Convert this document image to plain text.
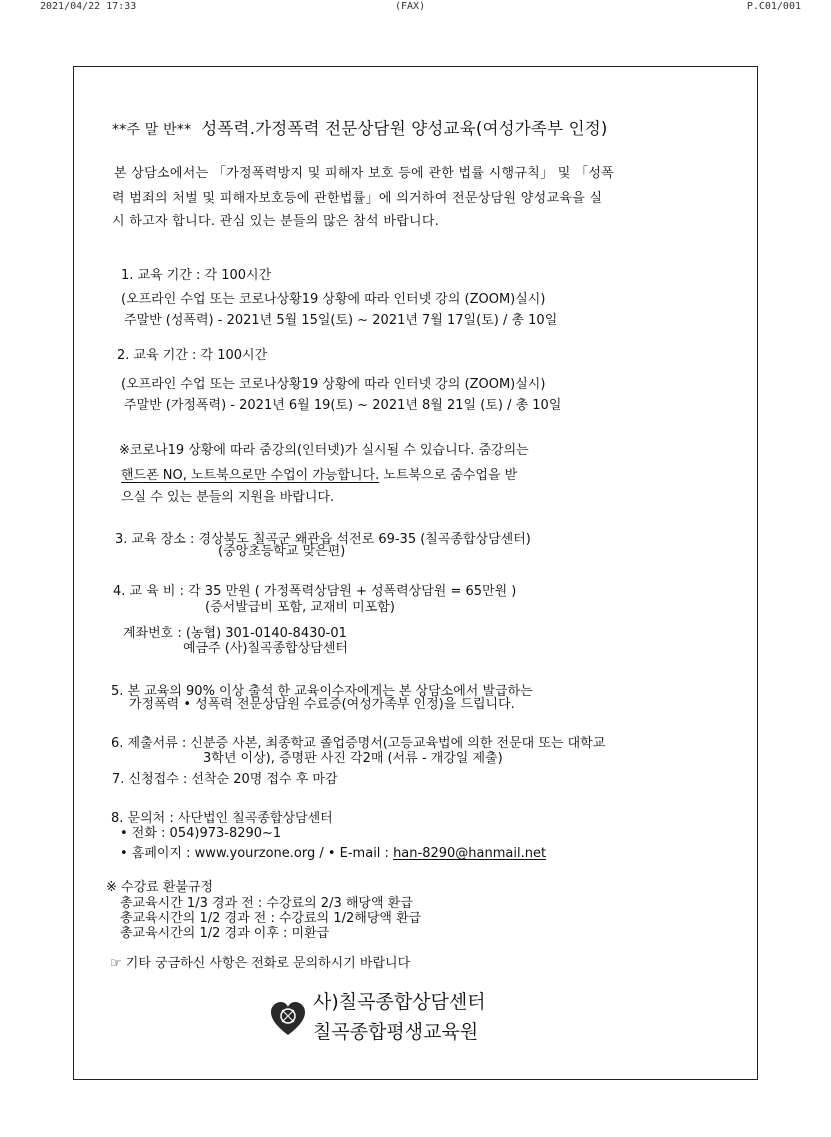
2021/04/22 17:33	(FAX)	P.C01/001
**주 말 반** 성폭력.가정폭력 전문상담원 양성교육(여성가족부 인정)
본 상담소에서는 「가정폭력방지 및 피해자 보호 등에 관한 법률 시행규칙」 및 「성폭
력 범죄의 처벌 및 피해자보호등에 관한법률」에 의거하여 전문상담원 양성교육을 실
시 하고자 합니다. 관심 있는 분들의 많은 참석 바랍니다.
1. 교육 기간 : 각 100시간
(오프라인 수업 또는 코로나상황19 상황에 따라 인터넷 강의 (ZOOM)실시)
주말반 (성폭력) - 2021년 5월 15일(토) ~ 2021년 7월 17일(토) / 총 10일
2. 교육 기간 : 각 100시간
(오프라인 수업 또는 코로나상황19 상황에 따라 인터넷 강의 (ZOOM)실시)
주말반 (가정폭력) - 2021년 6월 19(토) ~ 2021년 8월 21일 (토) / 총 10일
※코로나19 상황에 따라 줌강의(인터넷)가 실시될 수 있습니다. 줌강의는
핸드폰 NO, 노트북으로만 수업이 가능합니다. 노트북으로 줌수업을 받
으실 수 있는 분들의 지원을 바랍니다.
3. 교육 장소 : 경상북도 칠곡군 왜관읍 석전로 69-35 (칠곡종합상담센터)
(중앙초등학교 맞은편)
4. 교 육 비 : 각 35 만원 ( 가정폭력상담원 + 성폭력상담원 = 65만원 )
(증서발급비 포함, 교재비 미포함)
계좌번호 : (농협) 301-0140-8430-01
예금주 (사)칠곡종합상담센터
5. 본 교육의 90% 이상 출석 한 교육이수자에게는 본 상담소에서 발급하는
가정폭력 • 성폭력 전문상담원 수료증(여성가족부 인정)을 드립니다.
6. 제출서류 : 신분증 사본, 최종학교 졸업증명서(고등교육법에 의한 전문대 또는 대학교
3학년 이상), 증명판 사진 각2매 (서류 - 개강일 제출)
7. 신청접수 : 선착순 20명 접수 후 마감
8. 문의처 : 사단법인 칠곡종합상담센터
• 전화 : 054)973-8290~1
• 홈페이지 : www.yourzone.org / • E-mail : han-8290@hanmail.net
※ 수강료 환불규정
총교육시간 1/3 경과 전 : 수강료의 2/3 해당액 환급
총교육시간의 1/2 경과 전 : 수강료의 1/2해당액 환급
총교육시간의 1/2 경과 이후 : 미환급
☞ 기타 궁금하신 사항은 전화로 문의하시기 바랍니다
사)칠곡종합상담센터
칠곡종합평생교육원
